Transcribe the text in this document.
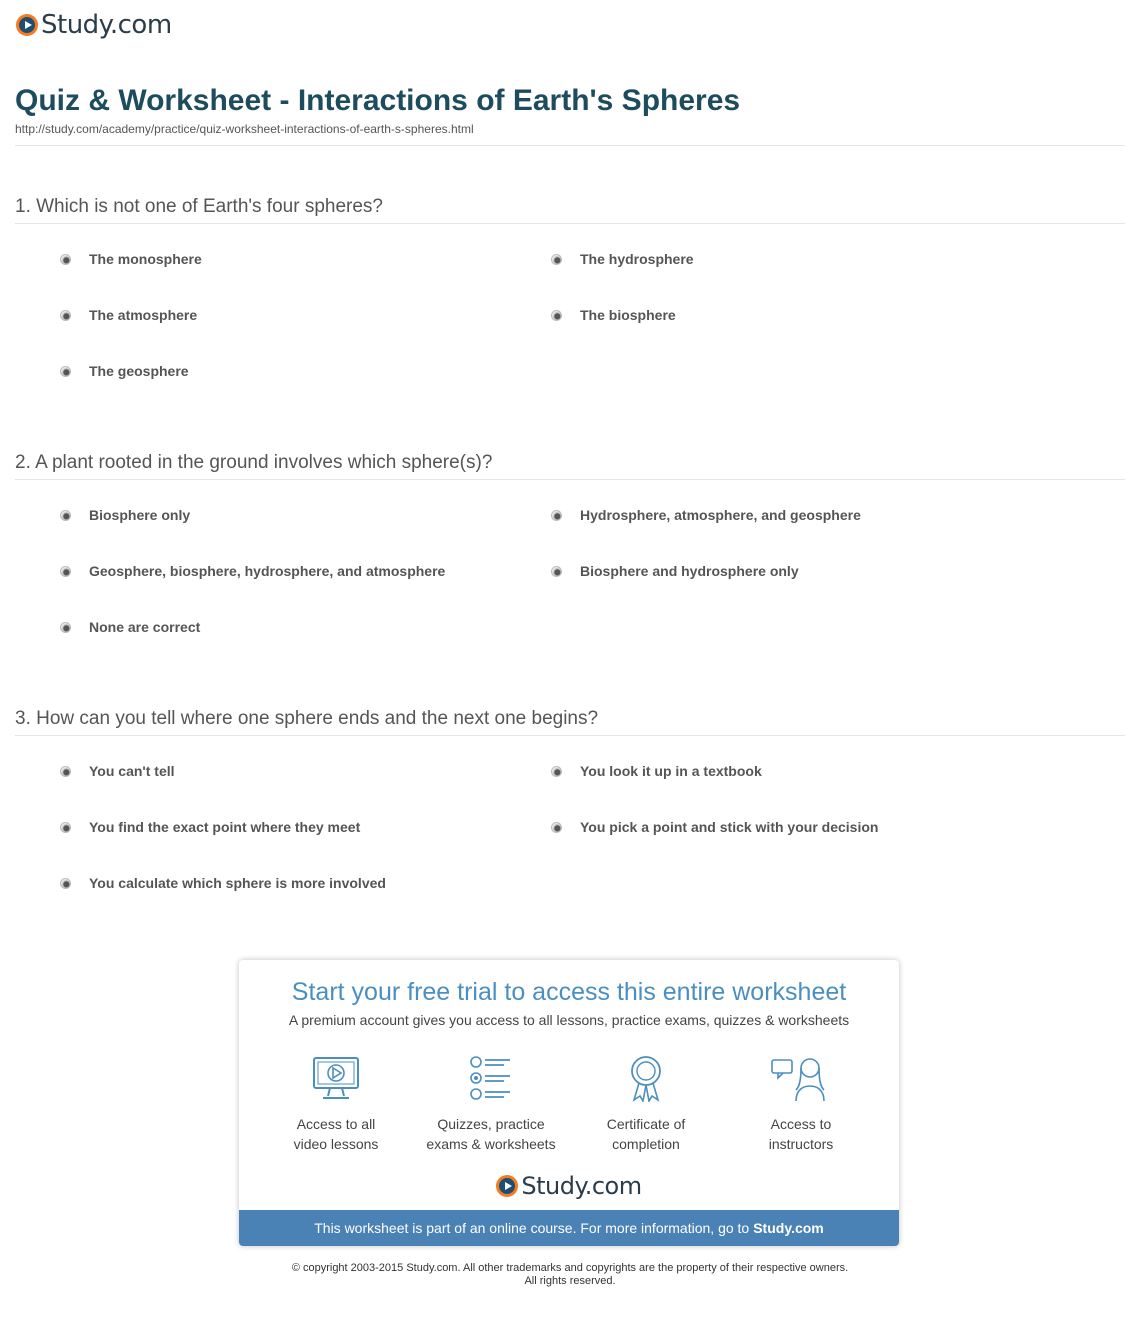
Study.com
Quiz & Worksheet - Interactions of Earth's Spheres
http://study.com/academy/practice/quiz-worksheet-interactions-of-earth-s-spheres.html
1. Which is not one of Earth's four spheres?
The monosphere	The hydrosphere
The atmosphere	The biosphere
The geosphere
2. A plant rooted in the ground involves which sphere(s)?
Biosphere only	Hydrosphere, atmosphere, and geosphere
Geosphere, biosphere, hydrosphere, and atmosphere	Biosphere and hydrosphere only
None are correct
3. How can you tell where one sphere ends and the next one begins?
You can't tell	You look it up in a textbook
You find the exact point where they meet	You pick a point and stick with your decision
You calculate which sphere is more involved
Start your free trial to access this entire worksheet
A premium account gives you access to all lessons, practice exams, quizzes & worksheets
Access to all
video lessons
Quizzes, practice
exams & worksheets
Certificate of
completion
Access to
instructors
Study.com
This worksheet is part of an online course. For more information, go to Study.com
© copyright 2003-2015 Study.com. All other trademarks and copyrights are the property of their respective owners.
All rights reserved.
